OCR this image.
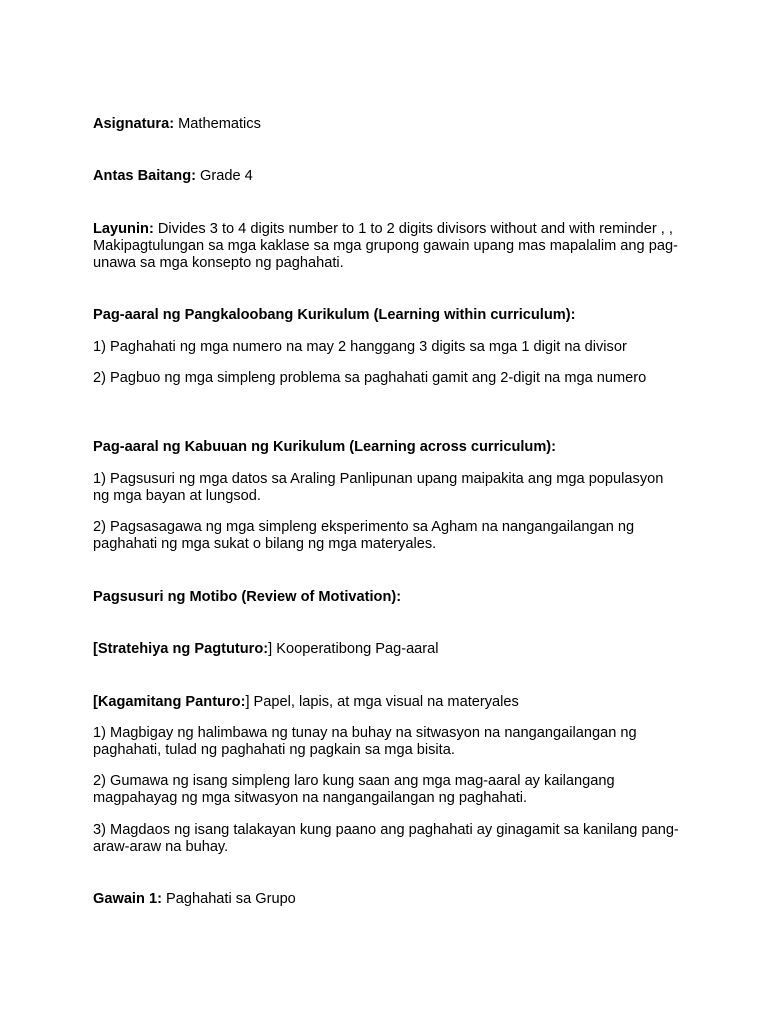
Asignatura: Mathematics

Antas Baitang: Grade 4

Layunin: Divides 3 to 4 digits number to 1 to 2 digits divisors without and with reminder , , Makipagtulungan sa mga kaklase sa mga grupong gawain upang mas mapalalim ang pag-unawa sa mga konsepto ng paghahati.

Pag-aaral ng Pangkaloobang Kurikulum (Learning within curriculum):

1) Paghahati ng mga numero na may 2 hanggang 3 digits sa mga 1 digit na divisor

2) Pagbuo ng mga simpleng problema sa paghahati gamit ang 2-digit na mga numero

Pag-aaral ng Kabuuan ng Kurikulum (Learning across curriculum):

1) Pagsusuri ng mga datos sa Araling Panlipunan upang maipakita ang mga populasyon ng mga bayan at lungsod.

2) Pagsasagawa ng mga simpleng eksperimento sa Agham na nangangailangan ng paghahati ng mga sukat o bilang ng mga materyales.

Pagsusuri ng Motibo (Review of Motivation):

[Stratehiya ng Pagtuturo:] Kooperatibong Pag-aaral

[Kagamitang Panturo:] Papel, lapis, at mga visual na materyales

1) Magbigay ng halimbawa ng tunay na buhay na sitwasyon na nangangailangan ng paghahati, tulad ng paghahati ng pagkain sa mga bisita.

2) Gumawa ng isang simpleng laro kung saan ang mga mag-aaral ay kailangang magpahayag ng mga sitwasyon na nangangailangan ng paghahati.

3) Magdaos ng isang talakayan kung paano ang paghahati ay ginagamit sa kanilang pang-araw-araw na buhay.

Gawain 1: Paghahati sa Grupo
